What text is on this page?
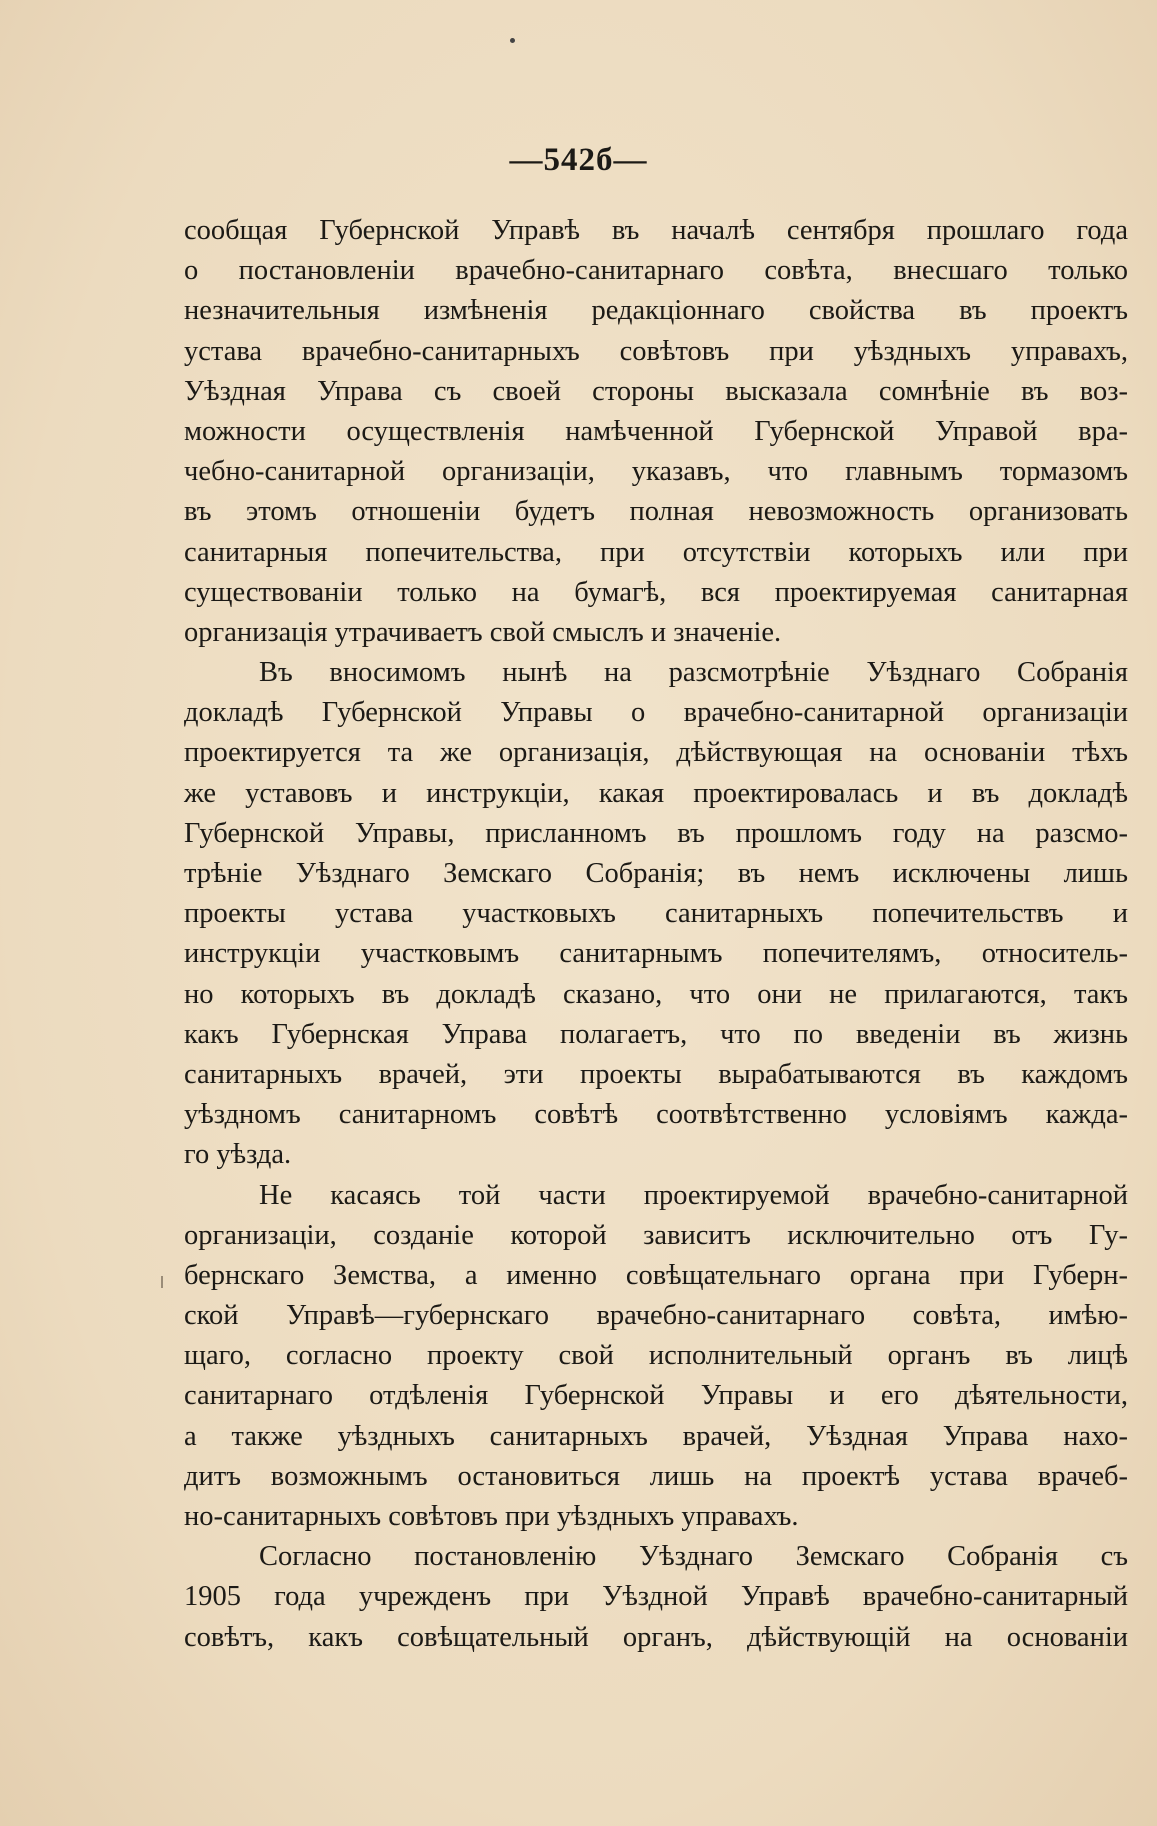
—542б—
сообщая Губернской Управѣ въ началѣ сентября прошлаго года
о постановленіи врачебно-санитарнаго совѣта, внесшаго только
незначительныя измѣненія редакціоннаго свойства въ проектъ
устава врачебно-санитарныхъ совѣтовъ при уѣздныхъ управахъ,
Уѣздная Управа съ своей стороны высказала сомнѣніе въ воз-
можности осуществленія намѣченной Губернской Управой вра-
чебно-санитарной организаціи, указавъ, что главнымъ тормазомъ
въ этомъ отношеніи будетъ полная невозможность организовать
санитарныя попечительства, при отсутствіи которыхъ или при
существованіи только на бумагѣ, вся проектируемая санитарная
организація утрачиваетъ свой смыслъ и значеніе.
Въ вносимомъ нынѣ на разсмотрѣніе Уѣзднаго Собранія
докладѣ Губернской Управы о врачебно-санитарной организаціи
проектируется та же организація, дѣйствующая на основаніи тѣхъ
же уставовъ и инструкціи, какая проектировалась и въ докладѣ
Губернской Управы, присланномъ въ прошломъ году на разсмо-
трѣніе Уѣзднаго Земскаго Собранія; въ немъ исключены лишь
проекты устава участковыхъ санитарныхъ попечительствъ и
инструкціи участковымъ санитарнымъ попечителямъ, относитель-
но которыхъ въ докладѣ сказано, что они не прилагаются, такъ
какъ Губернская Управа полагаетъ, что по введеніи въ жизнь
санитарныхъ врачей, эти проекты вырабатываются въ каждомъ
уѣздномъ санитарномъ совѣтѣ соотвѣтственно условіямъ кажда-
го уѣзда.
Не касаясь той части проектируемой врачебно-санитарной
организаціи, созданіе которой зависитъ исключительно отъ Гу-
бернскаго Земства, а именно совѣщательнаго органа при Губерн-
ской Управѣ—губернскаго врачебно-санитарнаго совѣта, имѣю-
щаго, согласно проекту свой исполнительный органъ въ лицѣ
санитарнаго отдѣленія Губернской Управы и его дѣятельности,
а также уѣздныхъ санитарныхъ врачей, Уѣздная Управа нахо-
дитъ возможнымъ остановиться лишь на проектѣ устава врачеб-
но-санитарныхъ совѣтовъ при уѣздныхъ управахъ.
Согласно постановленію Уѣзднаго Земскаго Собранія съ
1905 года учрежденъ при Уѣздной Управѣ врачебно-санитарный
совѣтъ, какъ совѣщательный органъ, дѣйствующій на основаніи
